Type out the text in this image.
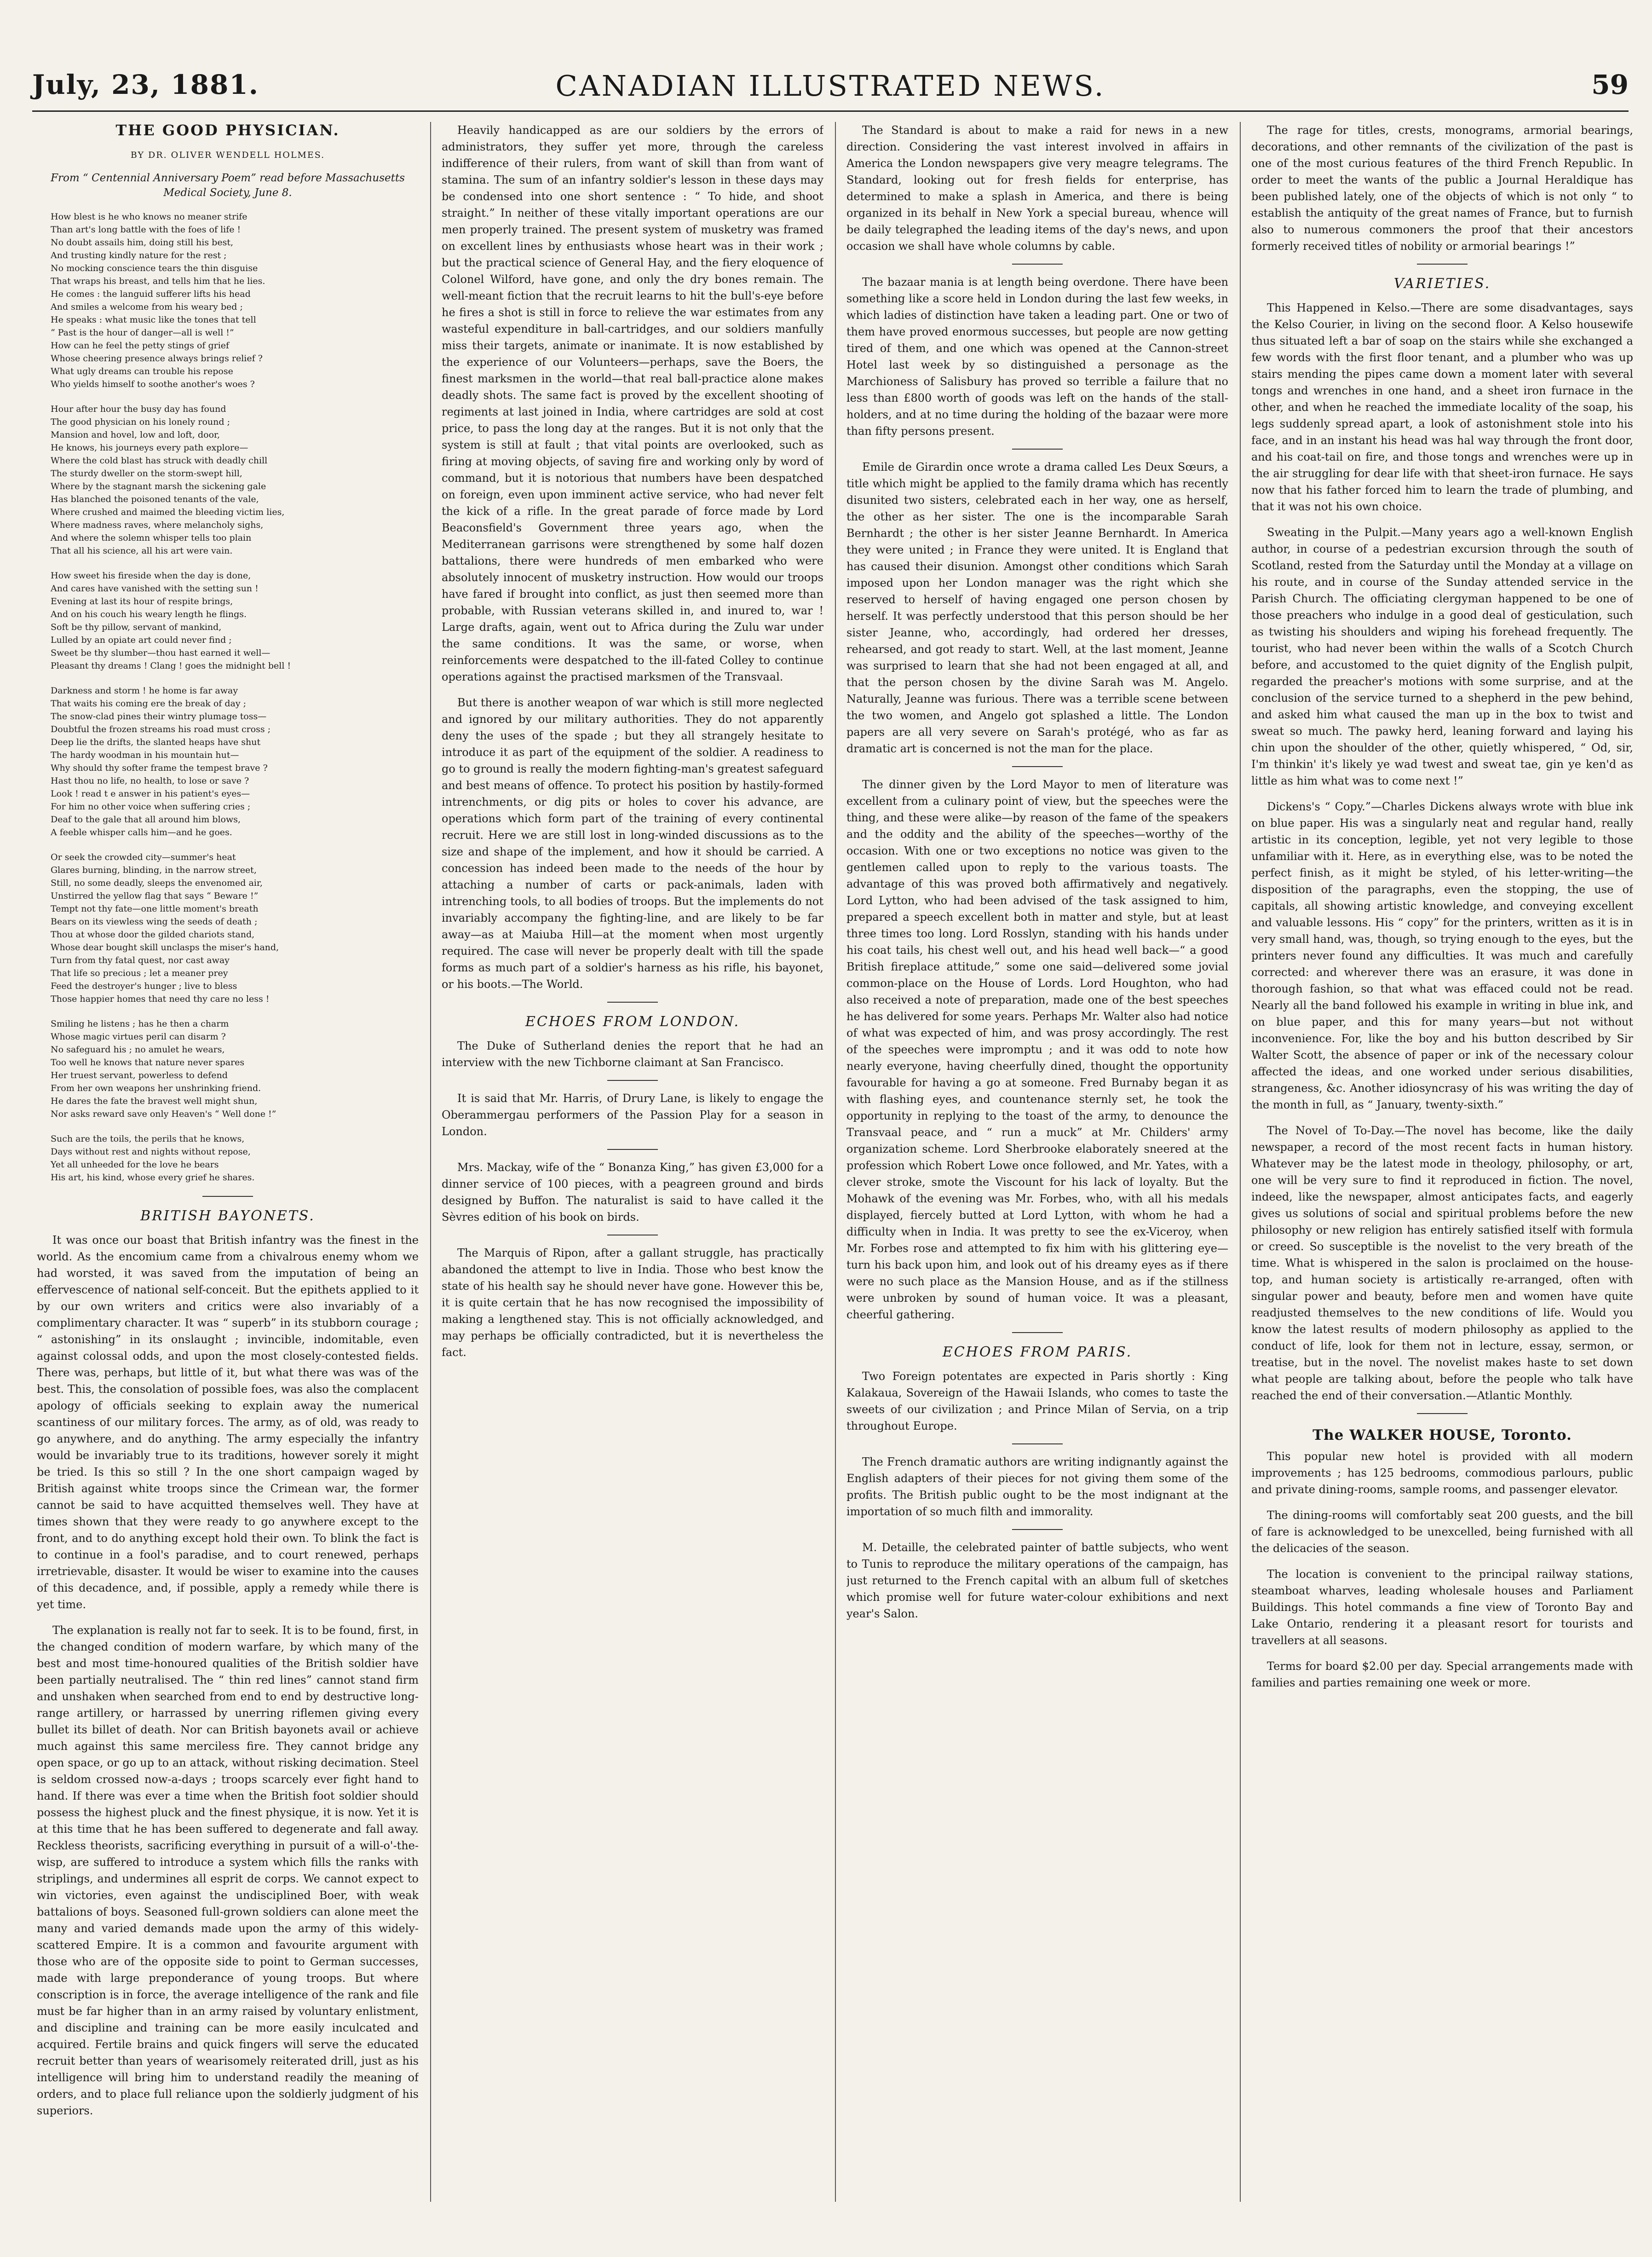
July, 23, 1881.	CANADIAN ILLUSTRATED NEWS.	59
THE GOOD PHYSICIAN.
BY DR. OLIVER WENDELL HOLMES.
From “ Centennial Anniversary Poem” read before Massachusetts Medical Society, June 8.

How blest is he who knows no meaner strife
Than art's long battle with the foes of life !
No doubt assails him, doing still his best,
And trusting kindly nature for the rest ;
No mocking conscience tears the thin disguise
That wraps his breast, and tells him that he lies.
He comes : the languid sufferer lifts his head
And smiles a welcome from his weary bed ;
He speaks : what music like the tones that tell
“ Past is the hour of danger—all is well !”
How can he feel the petty stings of grief
Whose cheering presence always brings relief ?
What ugly dreams can trouble his repose
Who yields himself to soothe another's woes ?

Hour after hour the busy day has found
The good physician on his lonely round ;
Mansion and hovel, low and loft, door,
He knows, his journeys every path explore—
Where the cold blast has struck with deadly chill
The sturdy dweller on the storm-swept hill,
Where by the stagnant marsh the sickening gale
Has blanched the poisoned tenants of the vale,
Where crushed and maimed the bleeding victim lies,
Where madness raves, where melancholy sighs,
And where the solemn whisper tells too plain
That all his science, all his art were vain.

How sweet his fireside when the day is done,
And cares have vanished with the setting sun !
Evening at last its hour of respite brings,
And on his couch his weary length he flings.
Soft be thy pillow, servant of mankind,
Lulled by an opiate art could never find ;
Sweet be thy slumber—thou hast earned it well—
Pleasant thy dreams ! Clang ! goes the midnight bell !

Darkness and storm ! he home is far away
That waits his coming ere the break of day ;
The snow-clad pines their wintry plumage toss—
Doubtful the frozen streams his road must cross ;
Deep lie the drifts, the slanted heaps have shut
The hardy woodman in his mountain hut—
Why should thy softer frame the tempest brave ?
Hast thou no life, no health, to lose or save ?
Look ! read t e answer in his patient's eyes—
For him no other voice when suffering cries ;
Deaf to the gale that all around him blows,
A feeble whisper calls him—and he goes.

Or seek the crowded city—summer's heat
Glares burning, blinding, in the narrow street,
Still, no some deadly, sleeps the envenomed air,
Unstirred the yellow flag that says “ Beware !”
Tempt not thy fate—one little moment's breath
Bears on its viewless wing the seeds of death ;
Thou at whose door the gilded chariots stand,
Whose dear bought skill unclasps the miser's hand,
Turn from thy fatal quest, nor cast away
That life so precious ; let a meaner prey
Feed the destroyer's hunger ; live to bless
Those happier homes that need thy care no less !

Smiling he listens ; has he then a charm
Whose magic virtues peril can disarm ?
No safeguard his ; no amulet he wears,
Too well he knows that nature never spares
Her truest servant, powerless to defend
From her own weapons her unshrinking friend.
He dares the fate the bravest well might shun,
Nor asks reward save only Heaven's “ Well done !”

Such are the toils, the perils that he knows,
Days without rest and nights without repose,
Yet all unheeded for the love he bears
His art, his kind, whose every grief he shares.

BRITISH BAYONETS.

It was once our boast that British infantry was the finest in the world. As the encomium came from a chivalrous enemy whom we had worsted, it was saved from the imputation of being an effervescence of national self-conceit. But the epithets applied to it by our own writers and critics were also invariably of a complimentary character. It was “ superb” in its stubborn courage ; “ astonishing” in its onslaught ; invincible, indomitable, even against colossal odds, and upon the most closely-contested fields. There was, perhaps, but little of it, but what there was was of the best. This, the consolation of possible foes, was also the complacent apology of officials seeking to explain away the numerical scantiness of our military forces. The army, as of old, was ready to go anywhere, and do anything. The army especially the infantry would be invariably true to its traditions, however sorely it might be tried. Is this so still ? In the one short campaign waged by British against white troops since the Crimean war, the former cannot be said to have acquitted themselves well. They have at times shown that they were ready to go anywhere except to the front, and to do anything except hold their own. To blink the fact is to continue in a fool's paradise, and to court renewed, perhaps irretrievable, disaster. It would be wiser to examine into the causes of this decadence, and, if possible, apply a remedy while there is yet time.

The explanation is really not far to seek. It is to be found, first, in the changed condition of modern warfare, by which many of the best and most time-honoured qualities of the British soldier have been partially neutralised. The “ thin red lines” cannot stand firm and unshaken when searched from end to end by destructive long-range artillery, or harrassed by unerring riflemen giving every bullet its billet of death. Nor can British bayonets avail or achieve much against this same merciless fire. They cannot bridge any open space, or go up to an attack, without risking decimation. Steel is seldom crossed now-a-days ; troops scarcely ever fight hand to hand. If there was ever a time when the British foot soldier should possess the highest pluck and the finest physique, it is now. Yet it is at this time that he has been suffered to degenerate and fall away. Reckless theorists, sacrificing everything in pursuit of a will-o'-the-wisp, are suffered to introduce a system which fills the ranks with striplings, and undermines all esprit de corps. We cannot expect to win victories, even against the undisciplined Boer, with weak battalions of boys. Seasoned full-grown soldiers can alone meet the many and varied demands made upon the army of this widely-scattered Empire. It is a common and favourite argument with those who are of the opposite side to point to German successes, made with large preponderance of young troops. But where conscription is in force, the average intelligence of the rank and file must be far higher than in an army raised by voluntary enlistment, and discipline and training can be more easily inculcated and acquired. Fertile brains and quick fingers will serve the educated recruit better than years of wearisomely reiterated drill, just as his intelligence will bring him to understand readily the meaning of orders, and to place full reliance upon the soldierly judgment of his superiors.

Heavily handicapped as are our soldiers by the errors of administrators, they suffer yet more, through the careless indifference of their rulers, from want of skill than from want of stamina. The sum of an infantry soldier's lesson in these days may be condensed into one short sentence : “ To hide, and shoot straight.” In neither of these vitally important operations are our men properly trained. The present system of musketry was framed on excellent lines by enthusiasts whose heart was in their work ; but the practical science of General Hay, and the fiery eloquence of Colonel Wilford, have gone, and only the dry bones remain. The well-meant fiction that the recruit learns to hit the bull's-eye before he fires a shot is still in force to relieve the war estimates from any wasteful expenditure in ball-cartridges, and our soldiers manfully miss their targets, animate or inanimate. It is now established by the experience of our Volunteers—perhaps, save the Boers, the finest marksmen in the world—that real ball-practice alone makes deadly shots. The same fact is proved by the excellent shooting of regiments at last joined in India, where cartridges are sold at cost price, to pass the long day at the ranges. But it is not only that the system is still at fault ; that vital points are overlooked, such as firing at moving objects, of saving fire and working only by word of command, but it is notorious that numbers have been despatched on foreign, even upon imminent active service, who had never felt the kick of a rifle. In the great parade of force made by Lord Beaconsfield's Government three years ago, when the Mediterranean garrisons were strengthened by some half dozen battalions, there were hundreds of men embarked who were absolutely innocent of musketry instruction. How would our troops have fared if brought into conflict, as just then seemed more than probable, with Russian veterans skilled in, and inured to, war ! Large drafts, again, went out to Africa during the Zulu war under the same conditions. It was the same, or worse, when reinforcements were despatched to the ill-fated Colley to continue operations against the practised marksmen of the Transvaal.

But there is another weapon of war which is still more neglected and ignored by our military authorities. They do not apparently deny the uses of the spade ; but they all strangely hesitate to introduce it as part of the equipment of the soldier. A readiness to go to ground is really the modern fighting-man's greatest safeguard and best means of offence. To protect his position by hastily-formed intrenchments, or dig pits or holes to cover his advance, are operations which form part of the training of every continental recruit. Here we are still lost in long-winded discussions as to the size and shape of the implement, and how it should be carried. A concession has indeed been made to the needs of the hour by attaching a number of carts or pack-animals, laden with intrenching tools, to all bodies of troops. But the implements do not invariably accompany the fighting-line, and are likely to be far away—as at Maiuba Hill—at the moment when most urgently required. The case will never be properly dealt with till the spade forms as much part of a soldier's harness as his rifle, his bayonet, or his boots.—The World.

ECHOES FROM LONDON.

The Duke of Sutherland denies the report that he had an interview with the new Tichborne claimant at San Francisco.

It is said that Mr. Harris, of Drury Lane, is likely to engage the Oberammergau performers of the Passion Play for a season in London.

Mrs. Mackay, wife of the “ Bonanza King,” has given £3,000 for a dinner service of 100 pieces, with a peagreen ground and birds designed by Buffon. The naturalist is said to have called it the Sèvres edition of his book on birds.

The Marquis of Ripon, after a gallant struggle, has practically abandoned the attempt to live in India. Those who best know the state of his health say he should never have gone. However this be, it is quite certain that he has now recognised the impossibility of making a lengthened stay. This is not officially acknowledged, and may perhaps be officially contradicted, but it is nevertheless the fact.

The Standard is about to make a raid for news in a new direction. Considering the vast interest involved in affairs in America the London newspapers give very meagre telegrams. The Standard, looking out for fresh fields for enterprise, has determined to make a splash in America, and there is being organized in its behalf in New York a special bureau, whence will be daily telegraphed the leading items of the day's news, and upon occasion we shall have whole columns by cable.

The bazaar mania is at length being overdone. There have been something like a score held in London during the last few weeks, in which ladies of distinction have taken a leading part. One or two of them have proved enormous successes, but people are now getting tired of them, and one which was opened at the Cannon-street Hotel last week by so distinguished a personage as the Marchioness of Salisbury has proved so terrible a failure that no less than £800 worth of goods was left on the hands of the stall-holders, and at no time during the holding of the bazaar were more than fifty persons present.

Emile de Girardin once wrote a drama called Les Deux Sœurs, a title which might be applied to the family drama which has recently disunited two sisters, celebrated each in her way, one as herself, the other as her sister. The one is the incomparable Sarah Bernhardt ; the other is her sister Jeanne Bernhardt. In America they were united ; in France they were united. It is England that has caused their disunion. Amongst other conditions which Sarah imposed upon her London manager was the right which she reserved to herself of having engaged one person chosen by herself. It was perfectly understood that this person should be her sister Jeanne, who, accordingly, had ordered her dresses, rehearsed, and got ready to start. Well, at the last moment, Jeanne was surprised to learn that she had not been engaged at all, and that the person chosen by the divine Sarah was M. Angelo. Naturally, Jeanne was furious. There was a terrible scene between the two women, and Angelo got splashed a little. The London papers are all very severe on Sarah's protégé, who as far as dramatic art is concerned is not the man for the place.

The dinner given by the Lord Mayor to men of literature was excellent from a culinary point of view, but the speeches were the thing, and these were alike—by reason of the fame of the speakers and the oddity and the ability of the speeches—worthy of the occasion. With one or two exceptions no notice was given to the gentlemen called upon to reply to the various toasts. The advantage of this was proved both affirmatively and negatively. Lord Lytton, who had been advised of the task assigned to him, prepared a speech excellent both in matter and style, but at least three times too long. Lord Rosslyn, standing with his hands under his coat tails, his chest well out, and his head well back—“ a good British fireplace attitude,” some one said—delivered some jovial common-place on the House of Lords. Lord Houghton, who had also received a note of preparation, made one of the best speeches he has delivered for some years. Perhaps Mr. Walter also had notice of what was expected of him, and was prosy accordingly. The rest of the speeches were impromptu ; and it was odd to note how nearly everyone, having cheerfully dined, thought the opportunity favourable for having a go at someone. Fred Burnaby began it as with flashing eyes, and countenance sternly set, he took the opportunity in replying to the toast of the army, to denounce the Transvaal peace, and “ run a muck” at Mr. Childers' army organization scheme. Lord Sherbrooke elaborately sneered at the profession which Robert Lowe once followed, and Mr. Yates, with a clever stroke, smote the Viscount for his lack of loyalty. But the Mohawk of the evening was Mr. Forbes, who, with all his medals displayed, fiercely butted at Lord Lytton, with whom he had a difficulty when in India. It was pretty to see the ex-Viceroy, when Mr. Forbes rose and attempted to fix him with his glittering eye—turn his back upon him, and look out of his dreamy eyes as if there were no such place as the Mansion House, and as if the stillness were unbroken by sound of human voice. It was a pleasant, cheerful gathering.

ECHOES FROM PARIS.

Two Foreign potentates are expected in Paris shortly : King Kalakaua, Sovereign of the Hawaii Islands, who comes to taste the sweets of our civilization ; and Prince Milan of Servia, on a trip throughout Europe.

The French dramatic authors are writing indignantly against the English adapters of their pieces for not giving them some of the profits. The British public ought to be the most indignant at the importation of so much filth and immorality.

M. Detaille, the celebrated painter of battle subjects, who went to Tunis to reproduce the military operations of the campaign, has just returned to the French capital with an album full of sketches which promise well for future water-colour exhibitions and next year's Salon.

The rage for titles, crests, monograms, armorial bearings, decorations, and other remnants of the civilization of the past is one of the most curious features of the third French Republic. In order to meet the wants of the public a Journal Heraldique has been published lately, one of the objects of which is not only “ to establish the antiquity of the great names of France, but to furnish also to numerous commoners the proof that their ancestors formerly received titles of nobility or armorial bearings !”

VARIETIES.

This Happened in Kelso.—There are some disadvantages, says the Kelso Courier, in living on the second floor. A Kelso housewife thus situated left a bar of soap on the stairs while she exchanged a few words with the first floor tenant, and a plumber who was up stairs mending the pipes came down a moment later with several tongs and wrenches in one hand, and a sheet iron furnace in the other, and when he reached the immediate locality of the soap, his legs suddenly spread apart, a look of astonishment stole into his face, and in an instant his head was hal way through the front door, and his coat-tail on fire, and those tongs and wrenches were up in the air struggling for dear life with that sheet-iron furnace. He says now that his father forced him to learn the trade of plumbing, and that it was not his own choice.

Sweating in the Pulpit.—Many years ago a well-known English author, in course of a pedestrian excursion through the south of Scotland, rested from the Saturday until the Monday at a village on his route, and in course of the Sunday attended service in the Parish Church. The officiating clergyman happened to be one of those preachers who indulge in a good deal of gesticulation, such as twisting his shoulders and wiping his forehead frequently. The tourist, who had never been within the walls of a Scotch Church before, and accustomed to the quiet dignity of the English pulpit, regarded the preacher's motions with some surprise, and at the conclusion of the service turned to a shepherd in the pew behind, and asked him what caused the man up in the box to twist and sweat so much. The pawky herd, leaning forward and laying his chin upon the shoulder of the other, quietly whispered, “ Od, sir, I'm thinkin' it's likely ye wad twest and sweat tae, gin ye ken'd as little as him what was to come next !”

Dickens's “ Copy.”—Charles Dickens always wrote with blue ink on blue paper. His was a singularly neat and regular hand, really artistic in its conception, legible, yet not very legible to those unfamiliar with it. Here, as in everything else, was to be noted the perfect finish, as it might be styled, of his letter-writing—the disposition of the paragraphs, even the stopping, the use of capitals, all showing artistic knowledge, and conveying excellent and valuable lessons. His “ copy” for the printers, written as it is in very small hand, was, though, so trying enough to the eyes, but the printers never found any difficulties. It was much and carefully corrected: and wherever there was an erasure, it was done in thorough fashion, so that what was effaced could not be read. Nearly all the band followed his example in writing in blue ink, and on blue paper, and this for many years—but not without inconvenience. For, like the boy and his button described by Sir Walter Scott, the absence of paper or ink of the necessary colour affected the ideas, and one worked under serious disabilities, strangeness, &c. Another idiosyncrasy of his was writing the day of the month in full, as “ January, twenty-sixth.”

The Novel of To-Day.—The novel has become, like the daily newspaper, a record of the most recent facts in human history. Whatever may be the latest mode in theology, philosophy, or art, one will be very sure to find it reproduced in fiction. The novel, indeed, like the newspaper, almost anticipates facts, and eagerly gives us solutions of social and spiritual problems before the new philosophy or new religion has entirely satisfied itself with formula or creed. So susceptible is the novelist to the very breath of the time. What is whispered in the salon is proclaimed on the house-top, and human society is artistically re-arranged, often with singular power and beauty, before men and women have quite readjusted themselves to the new conditions of life. Would you know the latest results of modern philosophy as applied to the conduct of life, look for them not in lecture, essay, sermon, or treatise, but in the novel. The novelist makes haste to set down what people are talking about, before the people who talk have reached the end of their conversation.—Atlantic Monthly.

The WALKER HOUSE, Toronto.

This popular new hotel is provided with all modern improvements ; has 125 bedrooms, commodious parlours, public and private dining-rooms, sample rooms, and passenger elevator.

The dining-rooms will comfortably seat 200 guests, and the bill of fare is acknowledged to be unexcelled, being furnished with all the delicacies of the season.

The location is convenient to the principal railway stations, steamboat wharves, leading wholesale houses and Parliament Buildings. This hotel commands a fine view of Toronto Bay and Lake Ontario, rendering it a pleasant resort for tourists and travellers at all seasons.

Terms for board $2.00 per day. Special arrangements made with families and parties remaining one week or more.
